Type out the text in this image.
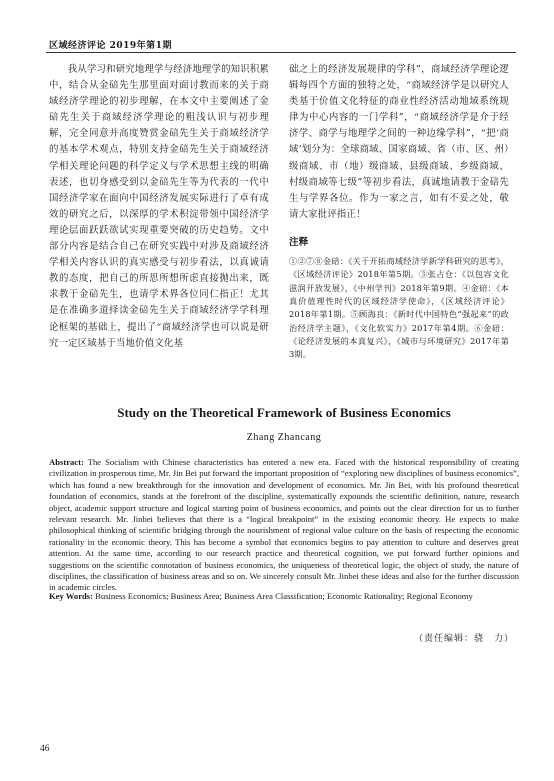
区域经济评论 2019年第1期

我从学习和研究地理学与经济地理学的知识积累中，结合从金碚先生那里面对面讨教而来的关于商域经济学理论的初步理解，在本文中主要阐述了金碚先生关于商域经济学理论的粗浅认识与初步理解，完全同意并高度赞赏金碚先生关于商域经济学的基本学术观点，特别支持金碚先生关于商域经济学相关理论问题的科学定义与学术思想主线的明确表述，也切身感受到以金碚先生等为代表的一代中国经济学家在面向中国经济发展实际进行了卓有成效的研究之后，以深厚的学术积淀带领中国经济学理论层面跃跃欲试实现重要突破的历史趋势。文中部分内容是结合自己在研究实践中对涉及商域经济学相关内容认识的真实感受与初步看法，以真诚请教的态度，把自己的所思所想所虑直接抛出来，既求教于金碚先生，也请学术界各位同仁指正！尤其是在准确多道择读金碚先生关于商域经济学学科理论框架的基础上，提出了“商域经济学也可以说是研究一定区域基于当地价值文化基

础之上的经济发展规律的学科”，商域经济学理论逻辑每四个方面的独特之处，“商域经济学是以研究人类基于价值文化特征的商业性经济活动地域系统规律为中心内容的一门学科”，“商域经济学是介于经济学、商学与地理学之间的一种边缘学科”，“把‘商域’划分为：全球商域、国家商域、省（市、区、州）级商域、市（地）级商域、县级商域、乡级商域、村级商域等七级”等初步看法，真诚地请教于金碚先生与学界各位。作为一家之言，如有不妥之处，敬请大家批评指正！

注释
①②⑦⑧金碚：《关于开拓商域经济学新学科研究的思考》，《区域经济评论》2018年第5期。③张占仓：《以包容文化滋润开放发展》，《中州学刊》2018年第9期。④金碚：《本真价值理性时代的区域经济学使命》，《区域经济评论》2018年第1期。⑤顾海良：《新时代中国特色“强起来”的政治经济学主题》，《文化软实力》2017年第4期。⑥金碚：《论经济发展的本真复兴》，《城市与环境研究》2017年第3期。
Study on the Theoretical Framework of Business Economics
Zhang Zhancang
Abstract: The Socialism with Chinese characteristics has entered a new era. Faced with the historical responsibility of creating civilization in prosperous time, Mr. Jin Bei put forward the important proposition of “exploring new disciplines of business economics”, which has found a new breakthrough for the innovation and development of economics. Mr. Jin Bei, with his profound theoretical foundation of economics, stands at the forefront of the discipline, systematically expounds the scientific definition, nature, research object, academic support structure and logical starting point of business economics, and points out the clear direction for us to further relevant research. Mr. Jinbei believes that there is a “logical breakpoint” in the existing economic theory. He expects to make philosophical thinking of scientific bridging through the nourishment of regional value culture on the basis of respecting the economic rationality in the economic theory. This has become a symbol that economics begins to pay attention to culture and deserves great attention. At the same time, according to our research practice and theoretical cognition, we put forward further opinions and suggestions on the scientific connotation of business economics, the uniqueness of theoretical logic, the object of study, the nature of disciplines, the classification of business areas and so on. We sincerely consult Mr. Jinbei these ideas and also for the further discussion in academic circles.
Key Words: Business Economics; Business Area; Business Area Classification; Economic Rationality; Regional Economy
（责任编辑：骁　力）
46
